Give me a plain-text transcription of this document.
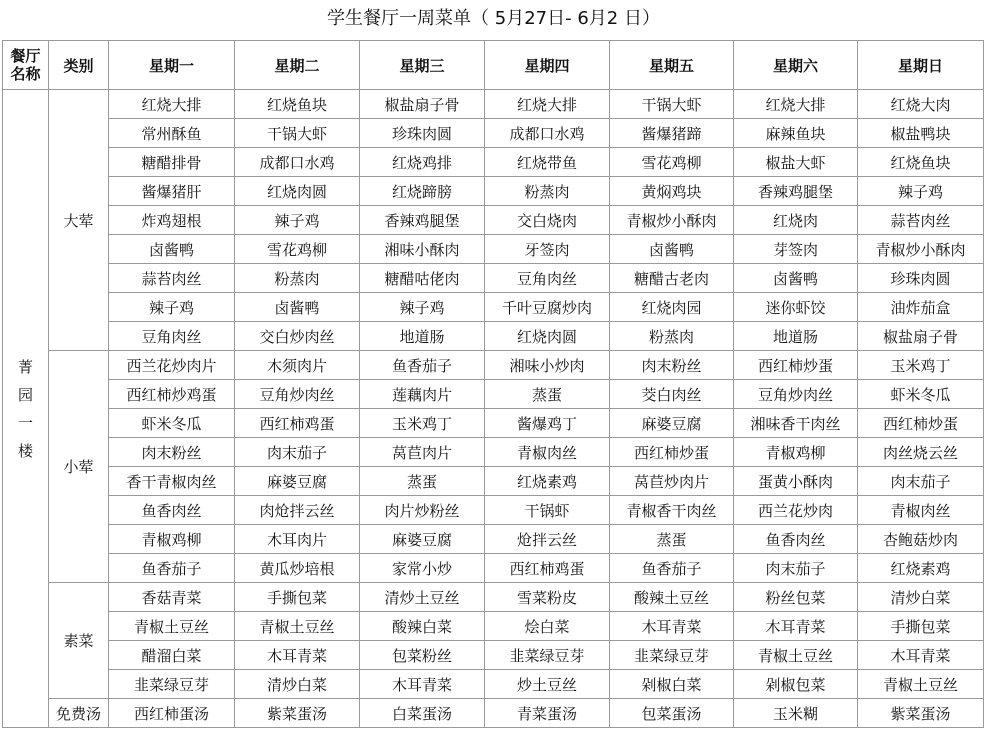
学生餐厅一周菜单（ 5月27日- 6月2 日）
餐厅
名称	类别	星期一	星期二	星期三	星期四	星期五	星期六	星期日

菁
园
一
楼	大荤	红烧大排	红烧鱼块	椒盐扇子骨	红烧大排	干锅大虾	红烧大排	红烧大肉
		常州酥鱼	干锅大虾	珍珠肉圆	成都口水鸡	酱爆猪蹄	麻辣鱼块	椒盐鸭块
		糖醋排骨	成都口水鸡	红烧鸡排	红烧带鱼	雪花鸡柳	椒盐大虾	红烧鱼块
		酱爆猪肝	红烧肉圆	红烧蹄膀	粉蒸肉	黄焖鸡块	香辣鸡腿堡	辣子鸡
		炸鸡翅根	辣子鸡	香辣鸡腿堡	交白烧肉	青椒炒小酥肉	红烧肉	蒜苔肉丝
		卤酱鸭	雪花鸡柳	湘味小酥肉	牙签肉	卤酱鸭	芽签肉	青椒炒小酥肉
		蒜苔肉丝	粉蒸肉	糖醋咕佬肉	豆角肉丝	糖醋古老肉	卤酱鸭	珍珠肉圆
		辣子鸡	卤酱鸭	辣子鸡	千叶豆腐炒肉	红烧肉园	迷你虾饺	油炸茄盒
		豆角肉丝	交白炒肉丝	地道肠	红烧肉圆	粉蒸肉	地道肠	椒盐扇子骨
	小荤	西兰花炒肉片	木须肉片	鱼香茄子	湘味小炒肉	肉末粉丝	西红柿炒蛋	玉米鸡丁
		西红柿炒鸡蛋	豆角炒肉丝	莲藕肉片	蒸蛋	茭白肉丝	豆角炒肉丝	虾米冬瓜
		虾米冬瓜	西红柿鸡蛋	玉米鸡丁	酱爆鸡丁	麻婆豆腐	湘味香干肉丝	西红柿炒蛋
		肉末粉丝	肉末茄子	莴苣肉片	青椒肉丝	西红柿炒蛋	青椒鸡柳	肉丝烧云丝
		香干青椒肉丝	麻婆豆腐	蒸蛋	红烧素鸡	莴苣炒肉片	蛋黄小酥肉	肉末茄子
		鱼香肉丝	肉炝拌云丝	肉片炒粉丝	干锅虾	青椒香干肉丝	西兰花炒肉	青椒肉丝
		青椒鸡柳	木耳肉片	麻婆豆腐	炝拌云丝	蒸蛋	鱼香肉丝	杏鲍菇炒肉
		鱼香茄子	黄瓜炒培根	家常小炒	西红柿鸡蛋	鱼香茄子	肉末茄子	红烧素鸡
	素菜	香菇青菜	手撕包菜	清炒土豆丝	雪菜粉皮	酸辣土豆丝	粉丝包菜	清炒白菜
		青椒土豆丝	青椒土豆丝	酸辣白菜	烩白菜	木耳青菜	木耳青菜	手撕包菜
		醋溜白菜	木耳青菜	包菜粉丝	韭菜绿豆芽	韭菜绿豆芽	青椒土豆丝	木耳青菜
		韭菜绿豆芽	清炒白菜	木耳青菜	炒土豆丝	剁椒白菜	剁椒包菜	青椒土豆丝
	免费汤	西红柿蛋汤	紫菜蛋汤	白菜蛋汤	青菜蛋汤	包菜蛋汤	玉米糊	紫菜蛋汤
